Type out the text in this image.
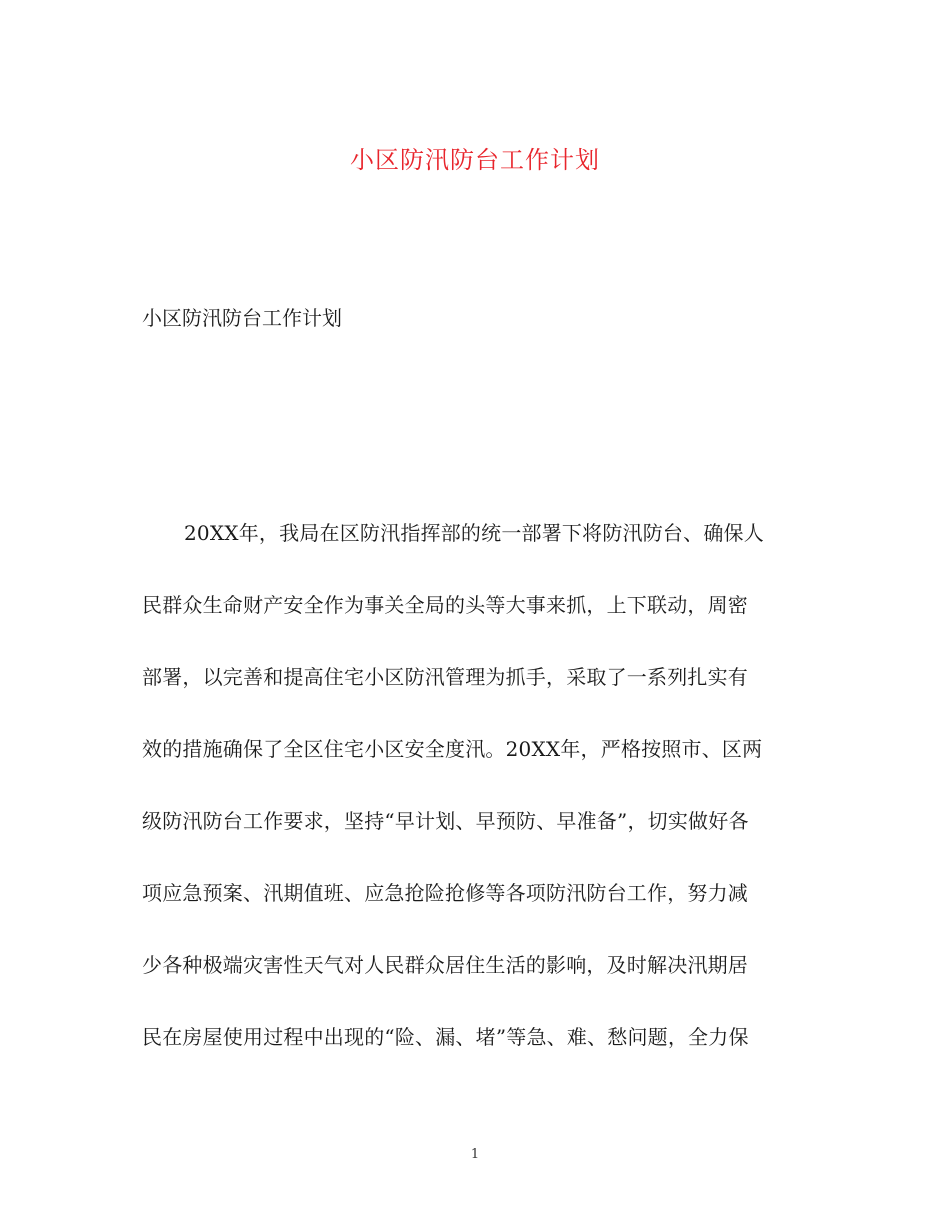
小区防汛防台工作计划
小区防汛防台工作计划
20XX年，我局在区防汛指挥部的统一部署下将防汛防台、确保人
民群众生命财产安全作为事关全局的头等大事来抓，上下联动，周密
部署，以完善和提高住宅小区防汛管理为抓手，采取了一系列扎实有
效的措施确保了全区住宅小区安全度汛。20XX年，严格按照市、区两
级防汛防台工作要求，坚持“早计划、早预防、早准备”，切实做好各
项应急预案、汛期值班、应急抢险抢修等各项防汛防台工作，努力减
少各种极端灾害性天气对人民群众居住生活的影响，及时解决汛期居
民在房屋使用过程中出现的“险、漏、堵”等急、难、愁问题，全力保
1
